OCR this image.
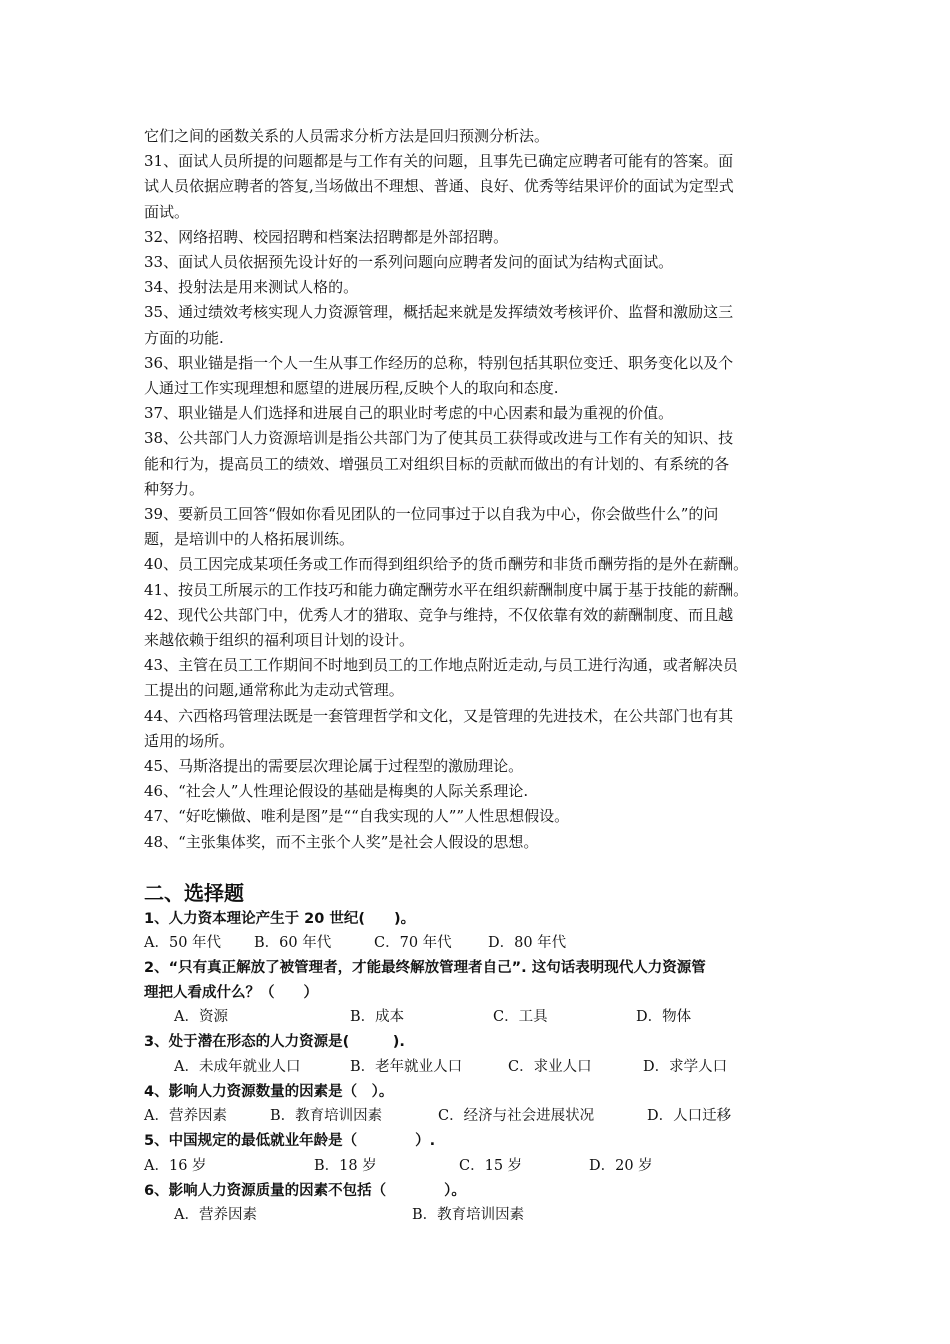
它们之间的函数关系的人员需求分析方法是回归预测分析法。

31、面试人员所提的问题都是与工作有关的问题，且事先已确定应聘者可能有的答案。面

试人员依据应聘者的答复,当场做出不理想、普通、良好、优秀等结果评价的面试为定型式

面试。

32、网络招聘、校园招聘和档案法招聘都是外部招聘。

33、面试人员依据预先设计好的一系列问题向应聘者发问的面试为结构式面试。

34、投射法是用来测试人格的。

35、通过绩效考核实现人力资源管理，概括起来就是发挥绩效考核评价、监督和激励这三

方面的功能.

36、职业锚是指一个人一生从事工作经历的总称，特别包括其职位变迁、职务变化以及个

人通过工作实现理想和愿望的进展历程,反映个人的取向和态度.

37、职业锚是人们选择和进展自己的职业时考虑的中心因素和最为重视的价值。

38、公共部门人力资源培训是指公共部门为了使其员工获得或改进与工作有关的知识、技

能和行为，提高员工的绩效、增强员工对组织目标的贡献而做出的有计划的、有系统的各

种努力。

39、要新员工回答“假如你看见团队的一位同事过于以自我为中心，你会做些什么”的问

题，是培训中的人格拓展训练。

40、员工因完成某项任务或工作而得到组织给予的货币酬劳和非货币酬劳指的是外在薪酬。

41、按员工所展示的工作技巧和能力确定酬劳水平在组织薪酬制度中属于基于技能的薪酬。

42、现代公共部门中，优秀人才的猎取、竞争与维持，不仅依靠有效的薪酬制度、而且越

来越依赖于组织的福利项目计划的设计。

43、主管在员工工作期间不时地到员工的工作地点附近走动,与员工进行沟通，或者解决员

工提出的问题,通常称此为走动式管理。

44、六西格玛管理法既是一套管理哲学和文化，又是管理的先进技术，在公共部门也有其

适用的场所。

45、马斯洛提出的需要层次理论属于过程型的激励理论。

46、“社会人”人性理论假设的基础是梅奥的人际关系理论.

47、“好吃懒做、唯利是图”是““自我实现的人””人性思想假设。

48、“主张集体奖，而不主张个人奖”是社会人假设的思想。

二、选择题

1、人力资本理论产生于 20 世纪(　　)。

A．50 年代	B．60 年代	C．70 年代	D．80 年代

2、“只有真正解放了被管理者，才能最终解放管理者自己”. 这句话表明现代人力资源管

理把人看成什么？（　　）

A．资源	B．成本	C．工具	D．物体

3、处于潜在形态的人力资源是(　　　).

A．未成年就业人口	B．老年就业人口	C．求业人口	D．求学人口

4、影响人力资源数量的因素是（　）。

A．营养因素	B．教育培训因素	C．经济与社会进展状况	D．人口迁移

5、中国规定的最低就业年龄是（　　　　）.

A．16 岁	B．18 岁	C．15 岁	D．20 岁

6、影响人力资源质量的因素不包括（　　　　）。

A．营养因素	B．教育培训因素
